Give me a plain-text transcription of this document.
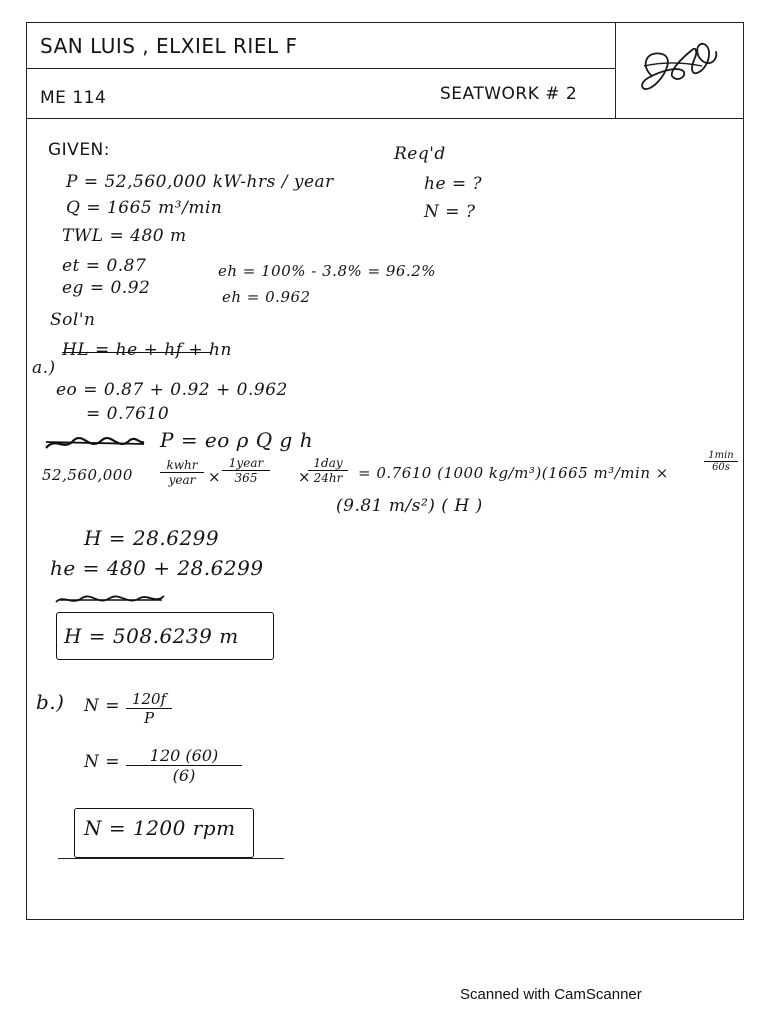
SAN LUIS , ELXIEL RIEL F
ME 114	SEATWORK # 2
GIVEN:
P = 52,560,000 kW-hrs / year
Q = 1665 m³/min
TWL = 480 m
et = 0.87
eg = 0.92
eh = 100% - 3.8% = 96.2%
eh = 0.962
Req'd
he = ?
N = ?
Sol'n
a.)
HL = he + hf + hn
eo = 0.87 + 0.92 + 0.962
= 0.7610
P = eo ρ Q g h
52,560,000
kwhr
year ×
1year
365	×
1day
24hr	= 0.7610 (1000 kg/m³)(1665 m³/min ×
1min
60s
(9.81 m/s²) ( H )
H = 28.6299
he = 480 + 28.6299
H = 508.6239 m
b.) $N = \frac{120f}{P}$
$N = \frac{120 (60)}{(6)}$
N = 1200 rpm
Scanned with CamScanner
